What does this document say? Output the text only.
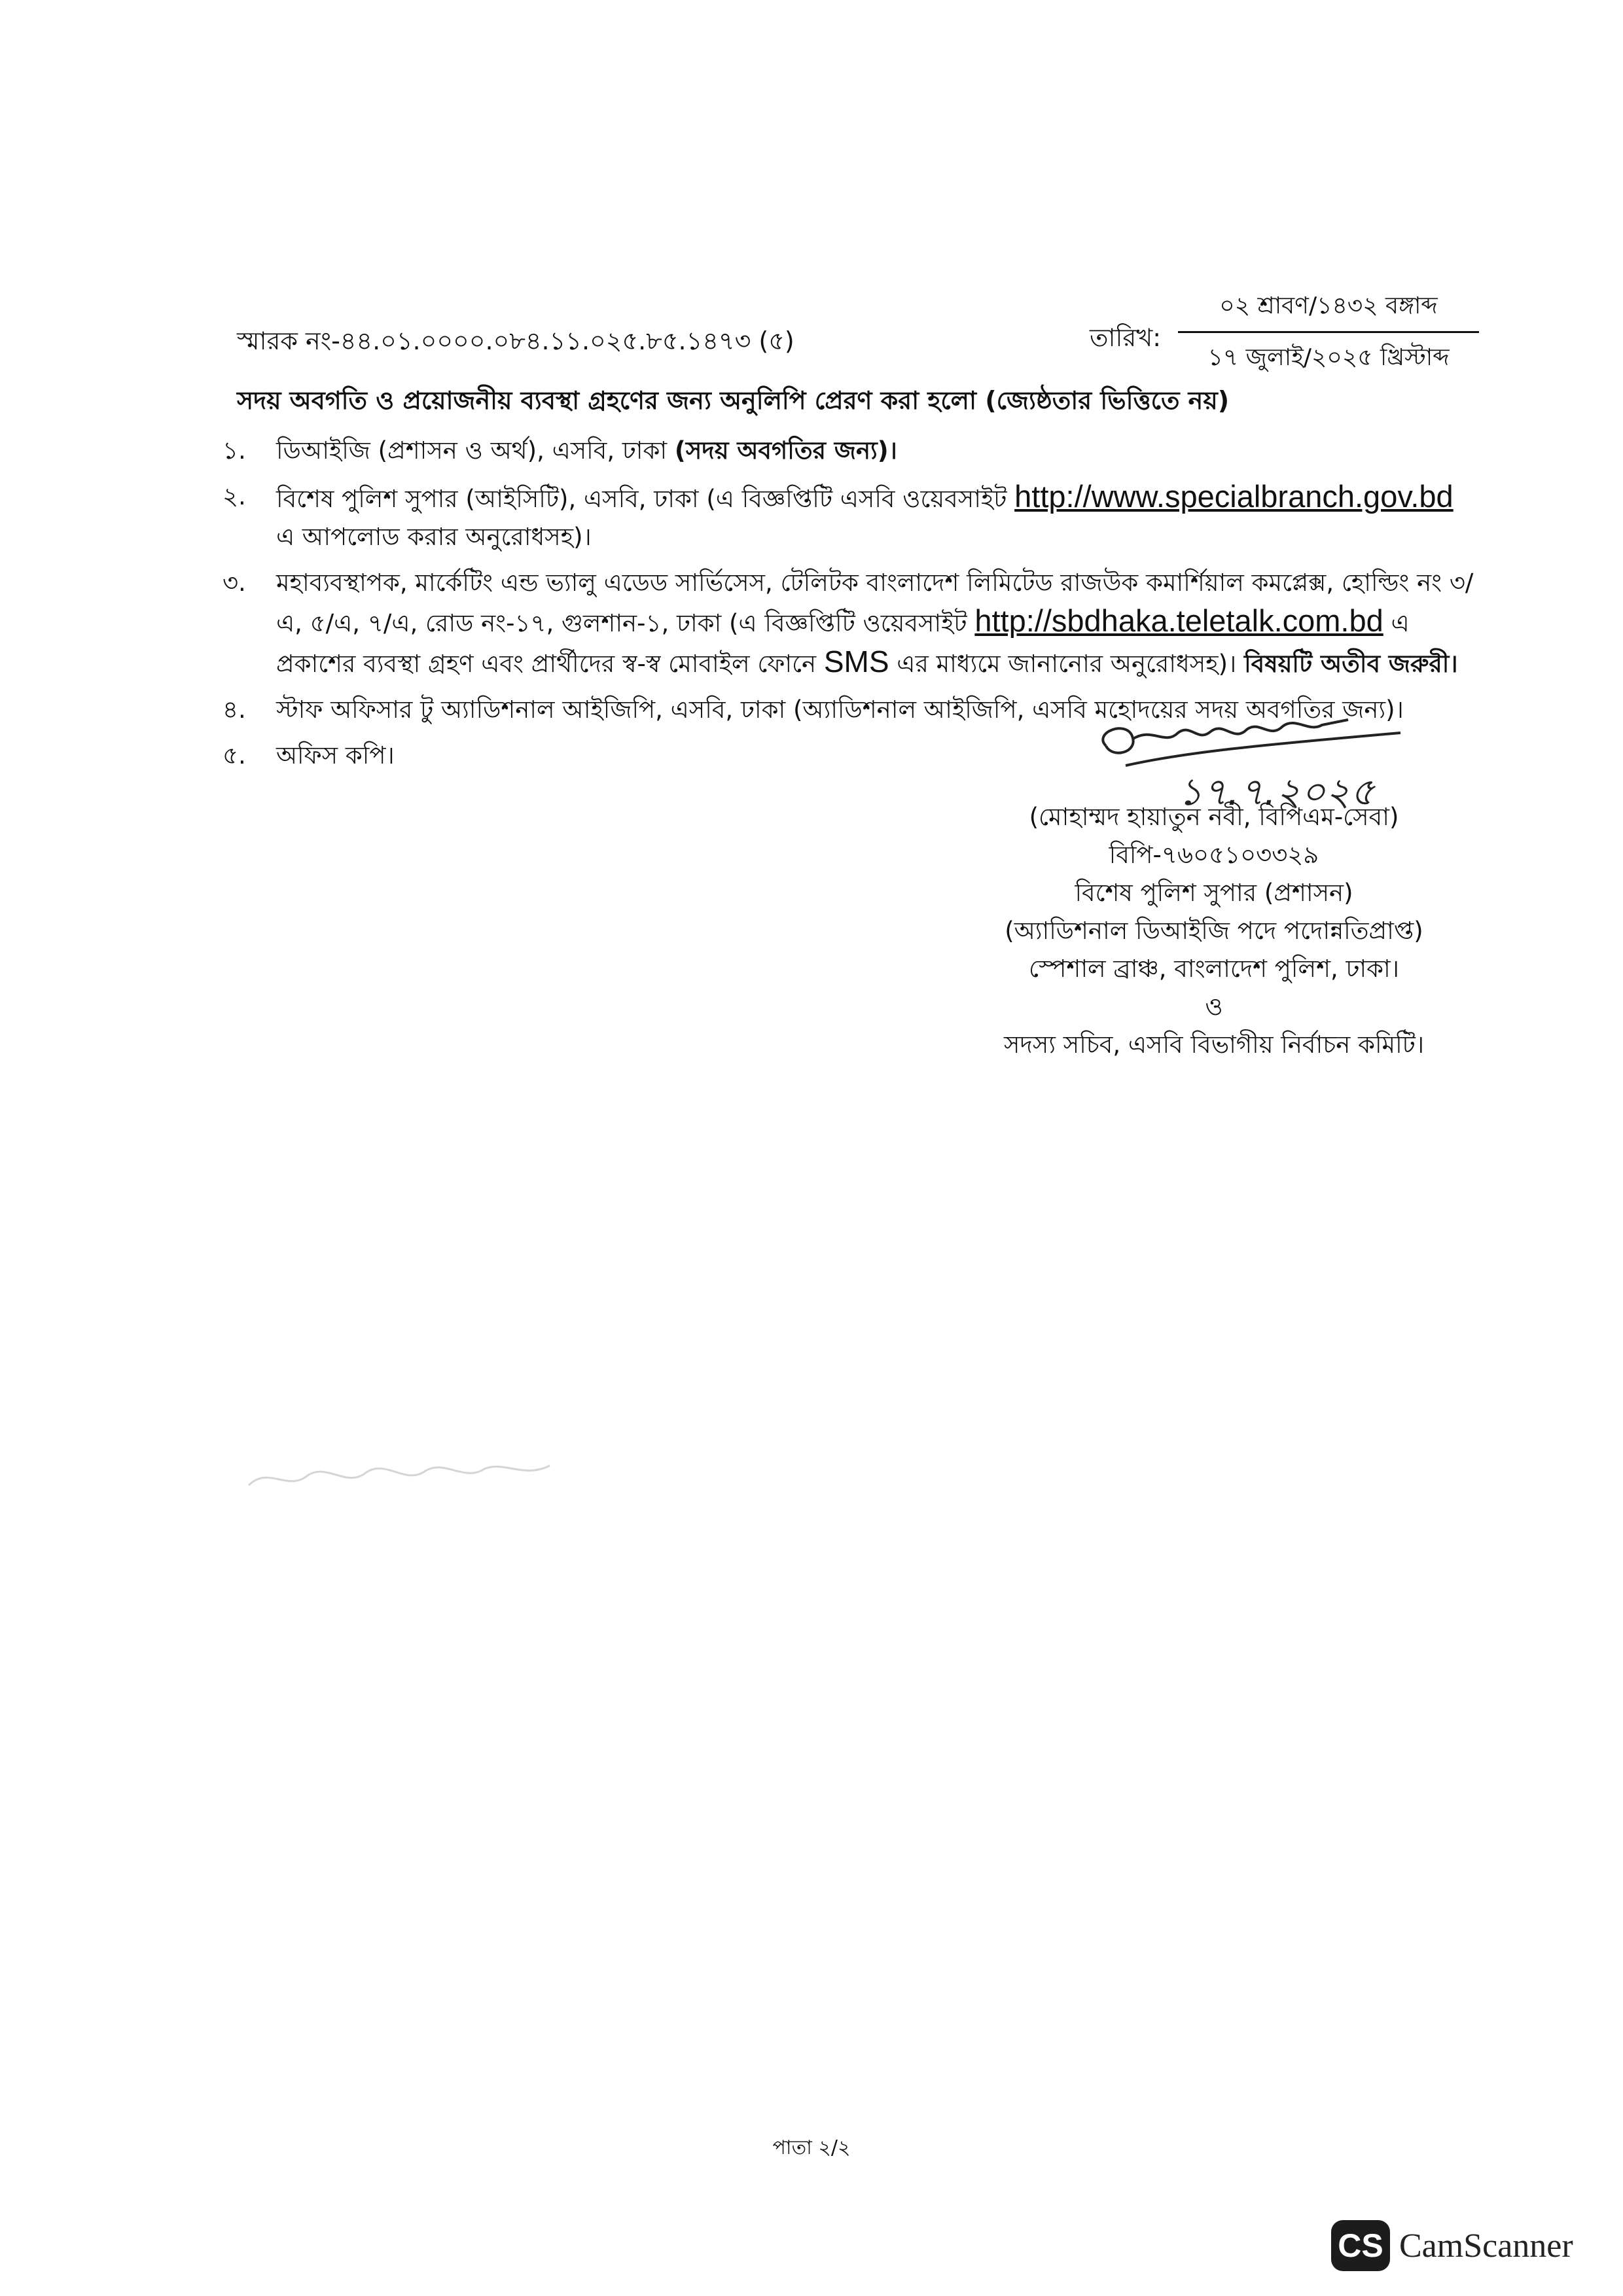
স্মারক নং-৪৪.০১.০০০০.০৮৪.১১.০২৫.৮৫.১৪৭৩ (৫)	তারিখ:
০২ শ্রাবণ/১৪৩২ বঙ্গাব্দ
১৭ জুলাই/২০২৫ খ্রিস্টাব্দ
সদয় অবগতি ও প্রয়োজনীয় ব্যবস্থা গ্রহণের জন্য অনুলিপি প্রেরণ করা হলো (জ্যেষ্ঠতার ভিত্তিতে নয়)
১.	ডিআইজি (প্রশাসন ও অর্থ), এসবি, ঢাকা (সদয় অবগতির জন্য)।
২.	বিশেষ পুলিশ সুপার (আইসিটি), এসবি, ঢাকা (এ বিজ্ঞপ্তিটি এসবি ওয়েবসাইট http://www.specialbranch.gov.bd এ আপলোড করার অনুরোধসহ)।
৩.	মহাব্যবস্থাপক, মার্কেটিং এন্ড ভ্যালু এডেড সার্ভিসেস, টেলিটক বাংলাদেশ লিমিটেড রাজউক কমার্শিয়াল কমপ্লেক্স, হোল্ডিং নং ৩/এ, ৫/এ, ৭/এ, রোড নং-১৭, গুলশান-১, ঢাকা (এ বিজ্ঞপ্তিটি ওয়েবসাইট http://sbdhaka.teletalk.com.bd এ প্রকাশের ব্যবস্থা গ্রহণ এবং প্রার্থীদের স্ব-স্ব মোবাইল ফোনে SMS এর মাধ্যমে জানানোর অনুরোধসহ)। বিষয়টি অতীব জরুরী।
৪.	স্টাফ অফিসার টু অ্যাডিশনাল আইজিপি, এসবি, ঢাকা (অ্যাডিশনাল আইজিপি, এসবি মহোদয়ের সদয় অবগতির জন্য)।
৫.	অফিস কপি।
১৭.৭.২০২৫
(মোহাম্মদ হায়াতুন নবী, বিপিএম-সেবা)
বিপি-৭৬০৫১০৩৩২৯
বিশেষ পুলিশ সুপার (প্রশাসন)
(অ্যাডিশনাল ডিআইজি পদে পদোন্নতিপ্রাপ্ত)
স্পেশাল ব্রাঞ্চ, বাংলাদেশ পুলিশ, ঢাকা।
ও
সদস্য সচিব, এসবি বিভাগীয় নির্বাচন কমিটি।
পাতা ২/২
CS CamScanner
